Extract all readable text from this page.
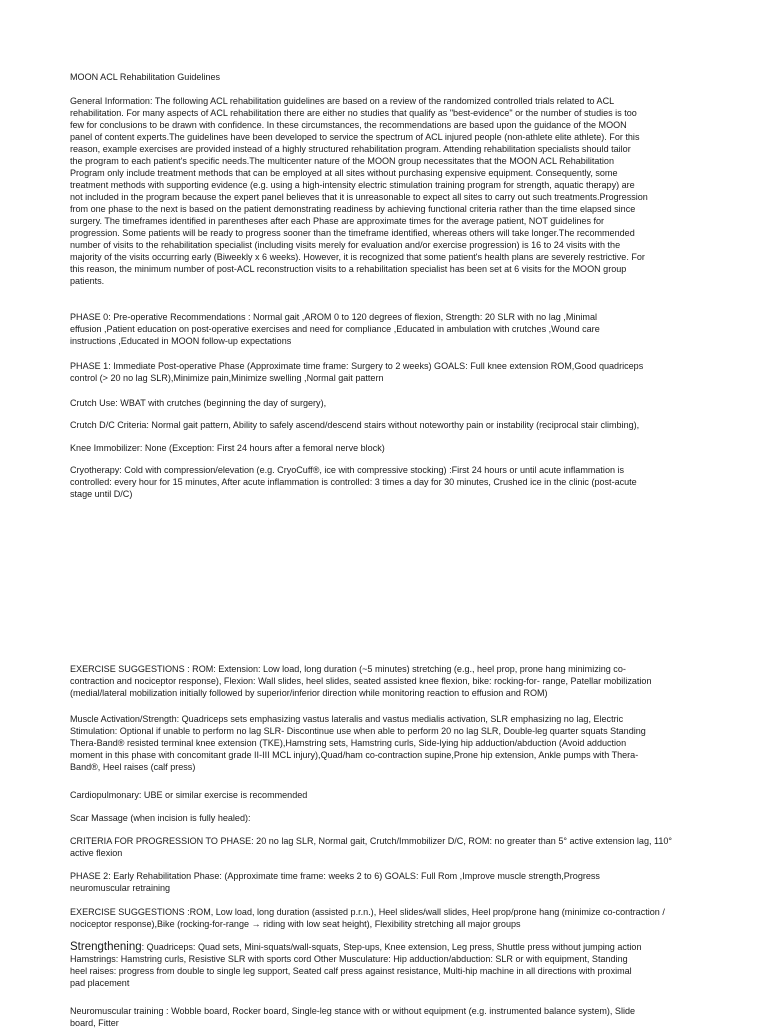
MOON ACL Rehabilitation Guidelines

General Information: The following ACL rehabilitation guidelines are based on a review of the randomized controlled trials related to ACL
rehabilitation. For many aspects of ACL rehabilitation there are either no studies that qualify as "best-evidence" or the number of studies is too
few for conclusions to be drawn with confidence. In these circumstances, the recommendations are based upon the guidance of the MOON
panel of content experts.The guidelines have been developed to service the spectrum of ACL injured people (non-athlete elite athlete). For this
reason, example exercises are provided instead of a highly structured rehabilitation program. Attending rehabilitation specialists should tailor
the program to each patient's specific needs.The multicenter nature of the MOON group necessitates that the MOON ACL Rehabilitation
Program only include treatment methods that can be employed at all sites without purchasing expensive equipment. Consequently, some
treatment methods with supporting evidence (e.g. using a high-intensity electric stimulation training program for strength, aquatic therapy) are
not included in the program because the expert panel believes that it is unreasonable to expect all sites to carry out such treatments.Progression
from one phase to the next is based on the patient demonstrating readiness by achieving functional criteria rather than the time elapsed since
surgery. The timeframes identified in parentheses after each Phase are approximate times for the average patient, NOT guidelines for
progression. Some patients will be ready to progress sooner than the timeframe identified, whereas others will take longer.The recommended
number of visits to the rehabilitation specialist (including visits merely for evaluation and/or exercise progression) is 16 to 24 visits with the
majority of the visits occurring early (Biweekly x 6 weeks). However, it is recognized that some patient's health plans are severely restrictive. For
this reason, the minimum number of post-ACL reconstruction visits to a rehabilitation specialist has been set at 6 visits for the MOON group
patients.

PHASE 0: Pre-operative Recommendations : Normal gait ,AROM 0 to 120 degrees of flexion, Strength: 20 SLR with no lag ,Minimal
effusion ,Patient education on post-operative exercises and need for compliance ,Educated in ambulation with crutches ,Wound care
instructions ,Educated in MOON follow-up expectations

PHASE 1: Immediate Post-operative Phase (Approximate time frame: Surgery to 2 weeks) GOALS: Full knee extension ROM,Good quadriceps
control (> 20 no lag SLR),Minimize pain,Minimize swelling ,Normal gait pattern

Crutch Use: WBAT with crutches (beginning the day of surgery),

Crutch D/C Criteria: Normal gait pattern, Ability to safely ascend/descend stairs without noteworthy pain or instability (reciprocal stair climbing),

Knee Immobilizer: None (Exception: First 24 hours after a femoral nerve block)

Cryotherapy: Cold with compression/elevation (e.g. CryoCuff®, ice with compressive stocking) :First 24 hours or until acute inflammation is
controlled: every hour for 15 minutes, After acute inflammation is controlled: 3 times a day for 30 minutes, Crushed ice in the clinic (post-acute
stage until D/C)

EXERCISE SUGGESTIONS : ROM: Extension: Low load, long duration (~5 minutes) stretching (e.g., heel prop, prone hang minimizing co-
contraction and nociceptor response), Flexion: Wall slides, heel slides, seated assisted knee flexion, bike: rocking-for- range, Patellar mobilization
(medial/lateral mobilization initially followed by superior/inferior direction while monitoring reaction to effusion and ROM)

Muscle Activation/Strength: Quadriceps sets emphasizing vastus lateralis and vastus medialis activation, SLR emphasizing no lag, Electric
Stimulation: Optional if unable to perform no lag SLR- Discontinue use when able to perform 20 no lag SLR, Double-leg quarter squats Standing
Thera-Band® resisted terminal knee extension (TKE),Hamstring sets, Hamstring curls, Side-lying hip adduction/abduction (Avoid adduction
moment in this phase with concomitant grade II-III MCL injury),Quad/ham co-contraction supine,Prone hip extension, Ankle pumps with Thera-
Band®, Heel raises (calf press)

Cardiopulmonary: UBE or similar exercise is recommended

Scar Massage (when incision is fully healed):

CRITERIA FOR PROGRESSION TO PHASE: 20 no lag SLR, Normal gait, Crutch/Immobilizer D/C, ROM: no greater than 5° active extension lag, 110°
active flexion

PHASE 2: Early Rehabilitation Phase: (Approximate time frame: weeks 2 to 6) GOALS: Full Rom ,Improve muscle strength,Progress
neuromuscular retraining

EXERCISE SUGGESTIONS :ROM, Low load, long duration (assisted p.r.n.), Heel slides/wall slides, Heel prop/prone hang (minimize co-contraction /
nociceptor response),Bike (rocking-for-range → riding with low seat height), Flexibility stretching all major groups

Strengthening: Quadriceps: Quad sets, Mini-squats/wall-squats, Step-ups, Knee extension, Leg press, Shuttle press without jumping action
Hamstrings: Hamstring curls, Resistive SLR with sports cord Other Musculature: Hip adduction/abduction: SLR or with equipment, Standing
heel raises: progress from double to single leg support, Seated calf press against resistance, Multi-hip machine in all directions with proximal
pad placement

Neuromuscular training : Wobble board, Rocker board, Single-leg stance with or without equipment (e.g. instrumented balance system), Slide
board, Fitter
